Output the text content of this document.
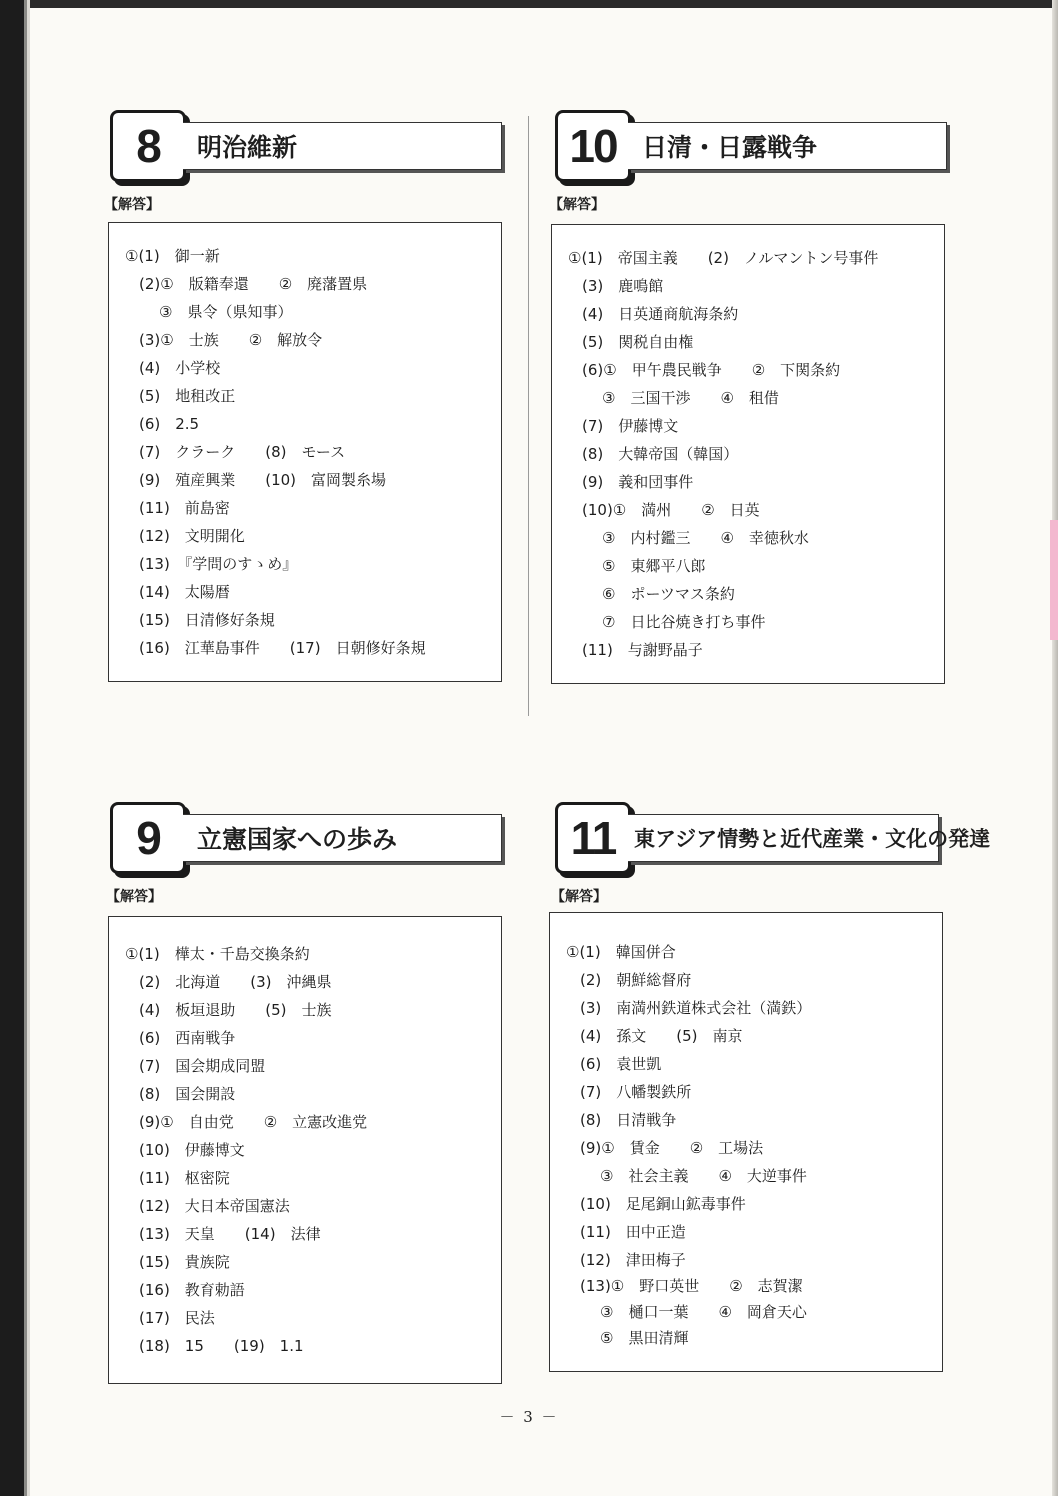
8	明治維新
【解答】
①(1)　御一新
(2)①　版籍奉還　　②　廃藩置県
③　県令（県知事）
(3)①　士族　　②　解放令
(4)　小学校
(5)　地租改正
(6)　2.5
(7)　クラーク　　(8)　モース
(9)　殖産興業　　(10)　富岡製糸場
(11)　前島密
(12)　文明開化
(13)　『学問のすゝめ』
(14)　太陽暦
(15)　日清修好条規
(16)　江華島事件　　(17)　日朝修好条規
10	日清・日露戦争
【解答】
①(1)　帝国主義　　(2)　ノルマントン号事件
(3)　鹿鳴館
(4)　日英通商航海条約
(5)　関税自由権
(6)①　甲午農民戦争　　②　下関条約
③　三国干渉　　④　租借
(7)　伊藤博文
(8)　大韓帝国（韓国）
(9)　義和団事件
(10)①　満州　　②　日英
③　内村鑑三　　④　幸徳秋水
⑤　東郷平八郎
⑥　ポーツマス条約
⑦　日比谷焼き打ち事件
(11)　与謝野晶子
9	立憲国家への歩み
【解答】
①(1)　樺太・千島交換条約
(2)　北海道　　(3)　沖縄県
(4)　板垣退助　　(5)　士族
(6)　西南戦争
(7)　国会期成同盟
(8)　国会開設
(9)①　自由党　　②　立憲改進党
(10)　伊藤博文
(11)　枢密院
(12)　大日本帝国憲法
(13)　天皇　　(14)　法律
(15)　貴族院
(16)　教育勅語
(17)　民法
(18)　15　　(19)　1.1
11 東アジア情勢と近代産業・文化の発達
【解答】
①(1)　韓国併合
(2)　朝鮮総督府
(3)　南満州鉄道株式会社（満鉄）
(4)　孫文　　(5)　南京
(6)　袁世凱
(7)　八幡製鉄所
(8)　日清戦争
(9)①　賃金　　②　工場法
③　社会主義　　④　大逆事件
(10)　足尾銅山鉱毒事件
(11)　田中正造
(12)　津田梅子
(13)①　野口英世　　②　志賀潔
③　樋口一葉　　④　岡倉天心
⑤　黒田清輝
－ 3 －
